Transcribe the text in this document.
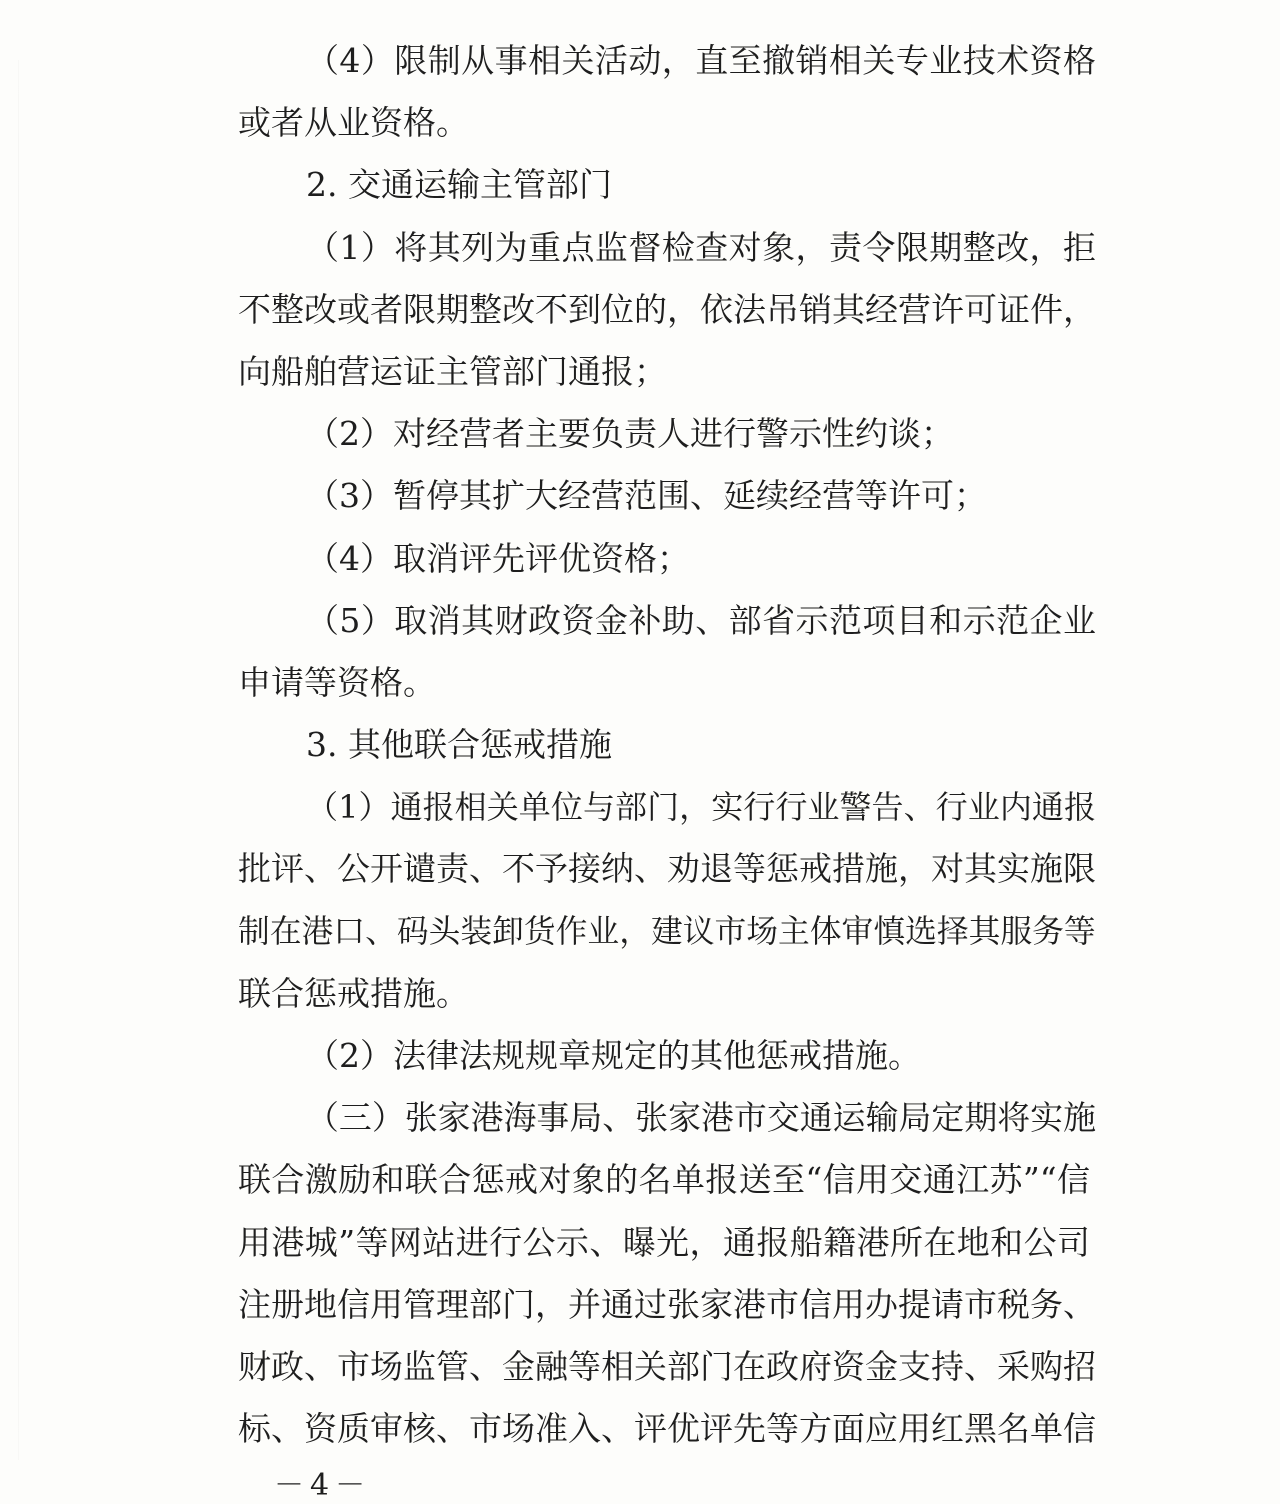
（4）限制从事相关活动，直至撤销相关专业技术资格
或者从业资格。
2. 交通运输主管部门
（1）将其列为重点监督检查对象，责令限期整改，拒
不整改或者限期整改不到位的，依法吊销其经营许可证件，
向船舶营运证主管部门通报；
（2）对经营者主要负责人进行警示性约谈；
（3）暂停其扩大经营范围、延续经营等许可；
（4）取消评先评优资格；
（5）取消其财政资金补助、部省示范项目和示范企业
申请等资格。
3. 其他联合惩戒措施
（1）通报相关单位与部门，实行行业警告、行业内通报
批评、公开谴责、不予接纳、劝退等惩戒措施，对其实施限
制在港口、码头装卸货作业，建议市场主体审慎选择其服务等
联合惩戒措施。
（2）法律法规规章规定的其他惩戒措施。
（三）张家港海事局、张家港市交通运输局定期将实施
联合激励和联合惩戒对象的名单报送至“信用交通江苏”“信
用港城”等网站进行公示、曝光，通报船籍港所在地和公司
注册地信用管理部门，并通过张家港市信用办提请市税务、
财政、市场监管、金融等相关部门在政府资金支持、采购招
标、资质审核、市场准入、评优评先等方面应用红黑名单信
－4－
